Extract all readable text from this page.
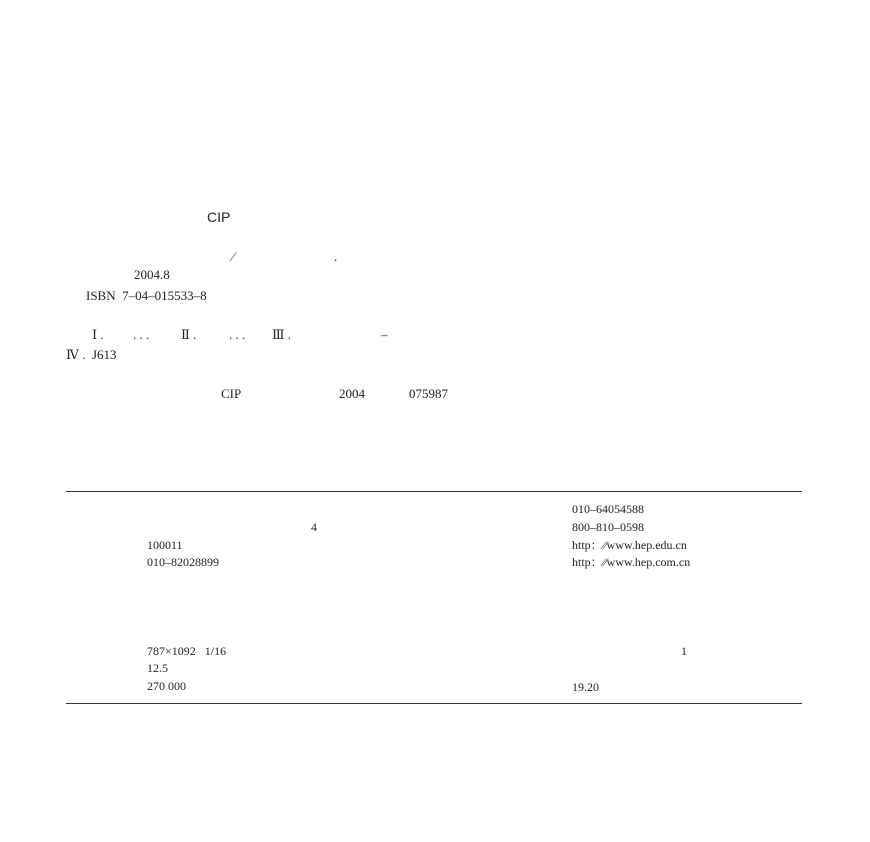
CIP
⁄	.
2004.8
ISBN  7–04–015533–8
Ⅰ . . . . Ⅱ .	. . . Ⅲ .	–
Ⅳ .  J613
CIP	2004	075987
4
100011
010–82028899
010–64054588
800–810–0598
http：⁄⁄www.hep.edu.cn
http：⁄⁄www.hep.com.cn
787×1092   1/16
12.5
270 000
1
19.20
